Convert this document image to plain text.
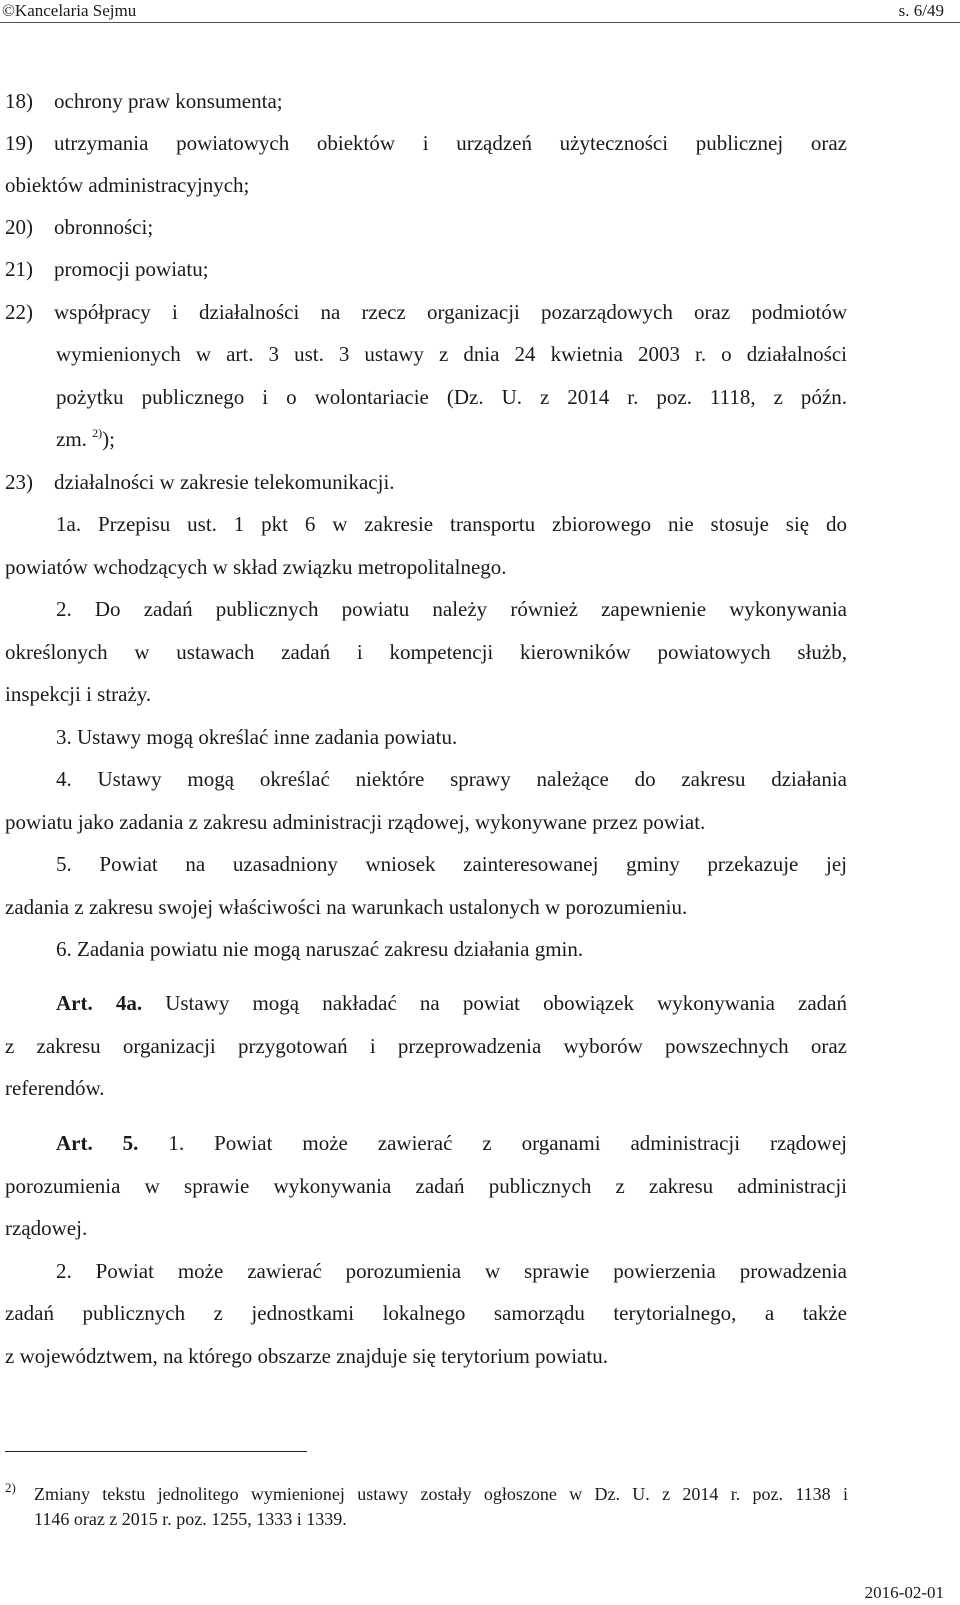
©Kancelaria Sejmu	s. 6/49
18) ochrony praw konsumenta;
19) utrzymania powiatowych obiektów i urządzeń użyteczności publicznej oraz
obiektów administracyjnych;
20) obronności;
21) promocji powiatu;
22) współpracy i działalności na rzecz organizacji pozarządowych oraz podmiotów
wymienionych w art. 3 ust. 3 ustawy z dnia 24 kwietnia 2003 r. o działalności
pożytku publicznego i o wolontariacie (Dz. U. z 2014 r. poz. 1118, z późn.
zm. $^{2)}$);
23) działalności w zakresie telekomunikacji.
1a. Przepisu ust. 1 pkt 6 w zakresie transportu zbiorowego nie stosuje się do
powiatów wchodzących w skład związku metropolitalnego.
2. Do zadań publicznych powiatu należy również zapewnienie wykonywania
określonych w ustawach zadań i kompetencji kierowników powiatowych służb,
inspekcji i straży.
3. Ustawy mogą określać inne zadania powiatu.
4. Ustawy mogą określać niektóre sprawy należące do zakresu działania
powiatu jako zadania z zakresu administracji rządowej, wykonywane przez powiat.
5. Powiat na uzasadniony wniosek zainteresowanej gminy przekazuje jej
zadania z zakresu swojej właściwości na warunkach ustalonych w porozumieniu.
6. Zadania powiatu nie mogą naruszać zakresu działania gmin.
Art. 4a. Ustawy mogą nakładać na powiat obowiązek wykonywania zadań
z zakresu organizacji przygotowań i przeprowadzenia wyborów powszechnych oraz
referendów.
Art. 5. 1. Powiat może zawierać z organami administracji rządowej
porozumienia w sprawie wykonywania zadań publicznych z zakresu administracji
rządowej.
2. Powiat może zawierać porozumienia w sprawie powierzenia prowadzenia
zadań publicznych z jednostkami lokalnego samorządu terytorialnego, a także
z województwem, na którego obszarze znajduje się terytorium powiatu.
2) Zmiany tekstu jednolitego wymienionej ustawy zostały ogłoszone w Dz. U. z 2014 r. poz. 1138 i
1146 oraz z 2015 r. poz. 1255, 1333 i 1339.
2016-02-01
